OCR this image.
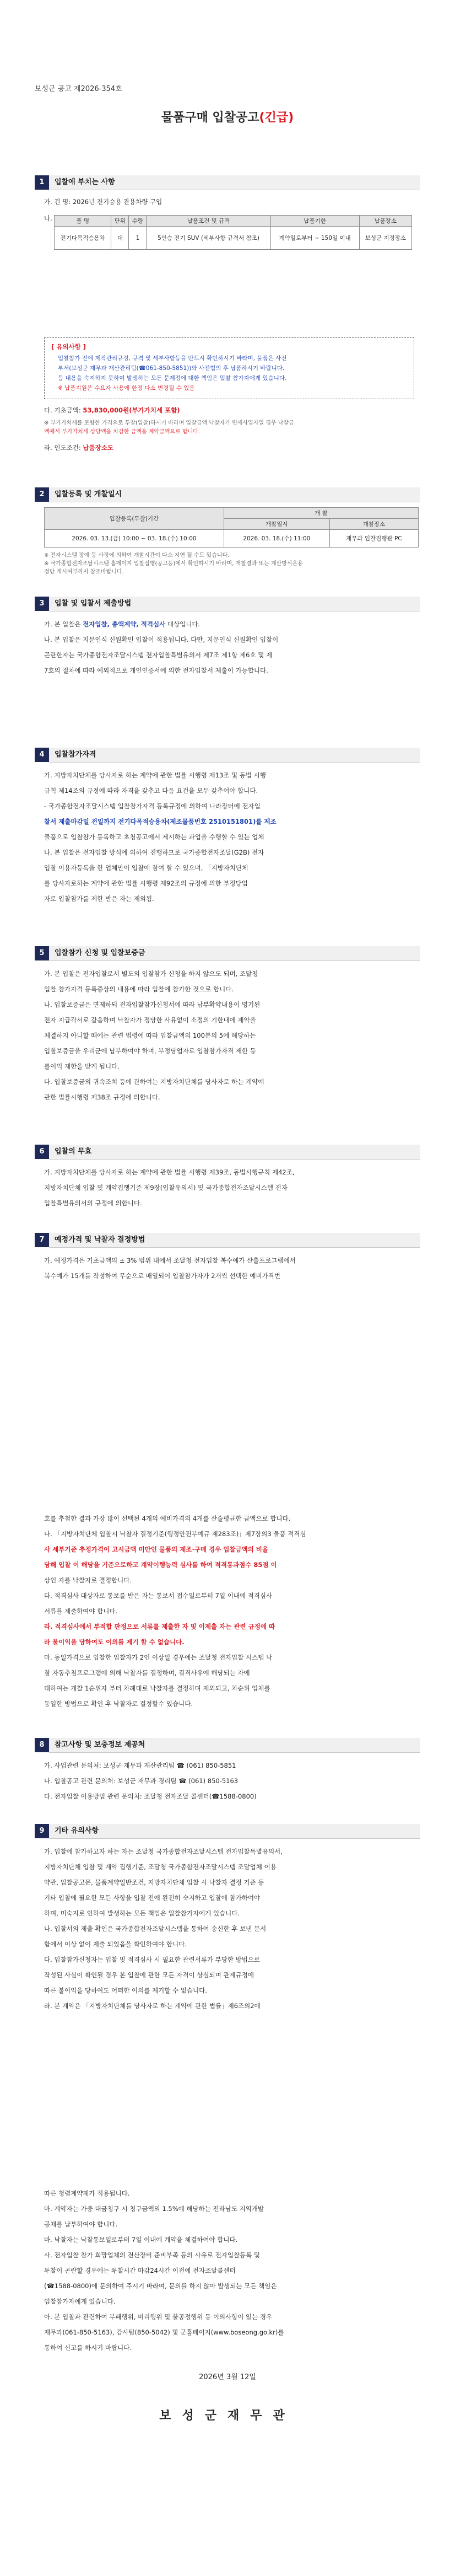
보성군 공고 제2026-354호
물품구매 입찰공고(긴급)
1	입찰에 부치는 사항

가. 건 명: 2026년 전기승용 관용차량 구입

나.	품 명	단위	수량	납품조건 및 규격	납품기한	납품장소
전기다목적승용차	대	1	5인승 전기 SUV (세부사항 규격서 참조)	계약일로부터 ~ 150일 이내	보성군 지정장소
[ 유의사항 ]
입찰참가 전에 제작관리규정, 규격 및 세부사항등을 반드시 확인하시기 바라며, 물품은 사전
부서(보성군 재무과 재산관리팀(☎061-850-5851))와 사전협의 후 납품하시기 바랍니다.
등 내용을 숙지하지 못하여 발생하는 모든 문제점에 대한 책임은 입찰 참가자에게 있습니다.
※ 납품지원은 수요자 사용에 한정 다소 변경될 수 있음
다. 기초금액: 53,830,000원(부가가치세 포함)
※ 부가가치세를 포함한 가격으로 투찰(입찰)하시기 바라며 입찰금액 낙찰자가 면세사업자일 경우 낙찰금
액에서 부가가치세 상당액을 차감한 금액을 계약금액으로 합니다.
라. 인도조건: 납품장소도
2	입찰등록 및 개찰일시
입찰등록(투찰)기간	개 찰	
	개찰일시	개찰장소
2026. 03. 13.(금) 10:00 ~ 03. 18.(수) 10:00	2026. 03. 18.(수) 11:00	재무과 입찰집행관 PC
※ 전자시스템 장애 등 사정에 의하여 개찰시간이 다소 지연 될 수도 있습니다.
※ 국가종합전자조달시스템 홈페이지 입찰집행(공고등)에서 확인하시기 바라며, 개찰결과 또는 계산방식은용
정당 게시여부까지 참조바랍니다.
3	입찰 및 입찰서 제출방법

가. 본 입찰은 전자입찰, 총액계약, 적격심사 대상입니다.

나. 본 입찰은 지문인식 신원확인 입찰이 적용됩니다. 다만, 지문인식 신원확인 입찰이

곤란한자는 국가종합전자조달시스템 전자입찰특별유의서 제7조 제1항 제6호 및 제

7호의 절차에 따라 예외적으로 개인인증서에 의한 전자입찰서 제출이 가능합니다.

4	입찰참가자격

가. 지방자치단체를 당사자로 하는 계약에 관한 법률 시행령 제13조 및 동법 시행

규칙 제14조의 규정에 따라 자격을 갖추고 다음 요건을 모두 갖추어야 합니다.

- 국가종합전자조달시스템 입찰참가자격 등록규정에 의하여 나라장터에 전자입

찰서 제출마감일 전일까지 전기다목적승용차(제조물품번호 2510151801)를 제조

물품으로 입찰참가 등록하고 초청공고에서 제시하는 과업을 수행할 수 있는 업체

나. 본 입찰은 전자입찰 방식에 의하여 진행하므로 국가종합전자조달(G2B) 전자

입찰 이용자등록을 한 업체만이 입찰에 참여 할 수 있으며, 「지방자치단체

를 당사자로하는 계약에 관한 법률 시행령 제92조의 규정에 의한 부정당업

자로 입찰참가를 제한 받은 자는 제외됨.

5	입찰참가 신청 및 입찰보증금

가. 본 입찰은 전자입찰로서 별도의 입찰참가 신청을 하지 않으도 되며, 조달청

입찰 참가자격 등록증상의 내용에 따라 입찰에 참가한 것으로 합니다.

나. 입찰보증금은 면제하되 전자입찰참가신청서에 따라 납부확약내용이 명기된

전자 지급각서로 갈음하며 낙찰자가 정당한 사유없이 소정의 기한내에 계약을

체결하지 아니할 때에는 관련 법령에 따라 입찰금액의 100분의 5에 해당하는

입찰보증금을 우리군에 납부하여야 하며, 부정당업자로 입찰참가자격 제한 등

를이익 제한을 받게 됩니다.

다. 입찰보증금의 귀속조치 등에 관하여는 지방자치단체를 당사자로 하는 계약에

관한 법률시행령 제38조 규정에 의합니다.

6	입찰의 무효

가. 지방자치단체를 당사자로 하는 계약에 관한 법률 시행령 제39조, 동법시행규칙 제42조,

지방자치단체 입찰 및 계약집행기준 제9장(입찰유의서) 및 국가종합전자조달시스템 전자

입찰특별유의서의 규정에 의합니다.

7	예정가격 및 낙찰자 결정방법

가. 예정가격은 기초금액의 ± 3% 범위 내에서 조달청 전자입찰 복수예가 산출프로그램에서

복수예가 15개를 작성하여 무순으로 배열되어 입찰참가자가 2개씩 선택한 예비가격번

호를 추첨한 결과 가장 많이 선택된 4개의 예비가격의 4개를 산술평균한 금액으로 합니다.

나. 「지방자치단체 입찰시 낙찰자 결정기준(행정안전부예규 제283조)」제7장의3 물품 적격심

사 세부기준 추정가격이 고시금액 미만인 물품의 제조·구매 경우 입찰금액의 비율

당해 입찰 이 해당을 기준으로하고 계약이행능력 심사를 하여 적격통과점수 85점 이

상인 자를 낙찰자로 결정합니다.

다. 적격심사 대상자로 통보를 받은 자는 통보서 접수일로부터 7일 이내에 적격심사

서류를 제출하여야 합니다.

라. 적격심사에서 부적합 판정으로 서류를 제출한 자 및 이제출 자는 관련 규정에 따

라 불이익을 당하여도 이의를 제기 할 수 없습니다.

마. 동일가격으로 입찰한 입찰자가 2인 이상일 경우에는 조달청 전자입찰 시스템 낙

찰 자동추첨프로그램에 의해 낙찰자를 결정하며, 결격사유에 해당되는 자에

대하여는 개찰 1순위자 부터 차례대로 낙찰자를 결정하며 제외되고, 차순위 업체를

동일한 방법으로 확인 후 낙찰자로 결정할수 있습니다.

8	참고사항 및 보충정보 제공처

가. 사업관련 문의처: 보성군 재무과 재산관리팀 ☎ (061) 850-5851

나. 입찰공고 관련 문의처: 보성군 재무과 경리팀 ☎ (061) 850-5163

다. 전자입찰 이용방법 관련 문의처: 조달청 전자조달 콜센터(☎1588-0800)

9	기타 유의사항

가. 입찰에 참가하고자 하는 자는 조달청 국가종합전자조달시스템 전자입찰특별유의서,

지방자치단체 입찰 및 계약 집행기준, 조달청 국가종합전자조달시스템 조달업체 이용

약관, 입찰공고문, 물품계약일반조건, 지방자치단체 입찰 시 낙찰자 결정 기준 등

기타 입찰에 필요한 모든 사항을 입찰 전에 완전히 숙지하고 입찰에 참가하여야

하며, 미숙지로 인하여 발생하는 모든 책임은 입찰참가자에게 있습니다.

나. 입찰서의 제출 확인은 국가종합전자조달시스템을 통하여 송신한 후 보낸 문서

함에서 이상 없이 제출 되었음을 확인하여야 합니다.

다. 입찰참가신청자는 입찰 및 적격심사 시 필요한 관련서류가 부당한 방법으로

작성된 사실이 확인될 경우 본 입찰에 관한 모든 자격이 상실되며 관계규정에

따른 불이익을 당하여도 어떠한 이의를 제기할 수 없습니다.

라. 본 계약은 「지방자치단체를 당사자로 하는 계약에 관한 법률」제6조의2에

따른 청렴계약제가 적용됩니다.

마. 계약자는 가중 대금청구 시 청구금액의 1.5%에 해당하는 전라남도 지역개발

공채를 납부하여야 합니다.

바. 낙찰자는 낙찰통보일로부터 7일 이내에 계약을 체결하여야 합니다.

사. 전자입찰 참가 희망업체의 전산장비 준비부족 등의 사유로 전자입찰등록 및

투찰이 곤란할 경우에는 투찰시간 마감24시간 이전에 전자조달콜센터

(☎1588-0800)에 문의하여 주시기 바라며, 문의를 하지 않아 발생되는 모든 책임은

입찰참가자에게 있습니다.

아. 본 입찰과 관련하여 부패행위, 비리행위 및 불공정행위 등 이의사항이 있는 경우

재무과(061-850-5163), 감사팀(850-5042) 및 군홈페이지(www.boseong.go.kr)를

통하여 신고를 하시기 바랍니다.

2026년 3월 12일
보성군재무관
